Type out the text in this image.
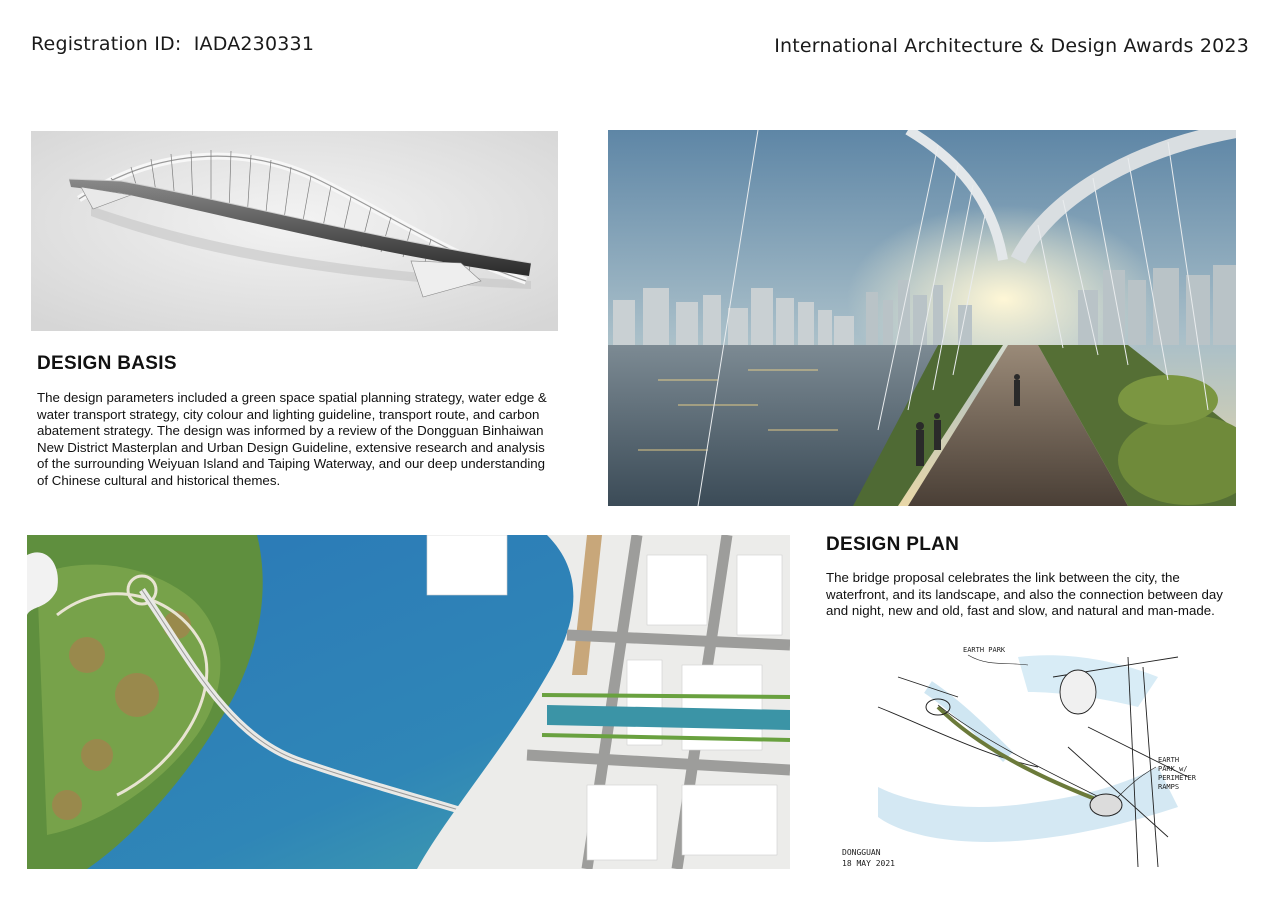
Registration ID: IADA230331	International Architecture & Design Awards 2023
DESIGN BASIS
The design parameters included a green space spatial planning strategy, water edge & water transport strategy, city colour and lighting guideline, transport route, and carbon abatement strategy. The design was informed by a review of the Dongguan Binhaiwan New District Masterplan and Urban Design Guideline, extensive research and analysis of the surrounding Weiyuan Island and Taiping Waterway, and our deep understanding of Chinese cultural and historical themes.
DESIGN PLAN
The bridge proposal celebrates the link between the city, the waterfront, and its landscape, and also the connection between day and night, new and old, fast and slow, and natural and man-made.
EARTH PARK
EARTH
PARK w/
PERIMETER
RAMPS
DONGGUAN
18 MAY 2021
